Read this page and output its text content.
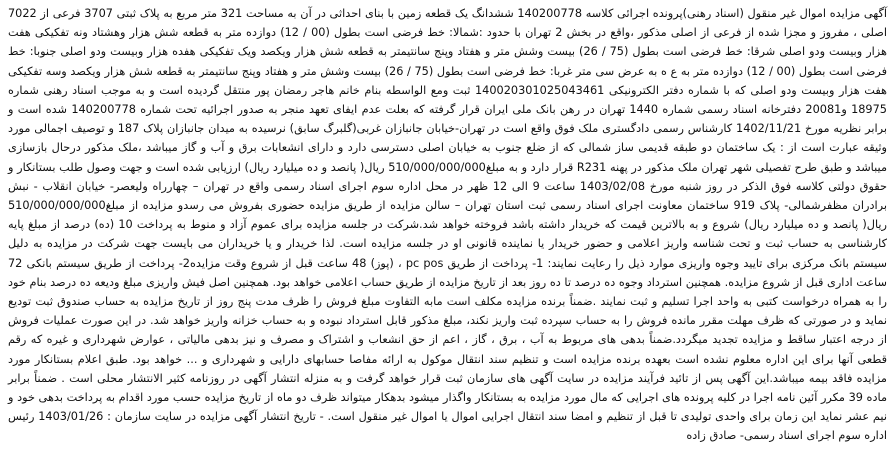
آگهی مزایده اموال غیر منقول (اسناد رهنی)پرونده اجرائی کلاسه 140200778 ششدانگ یک قطعه زمین با بنای احداثی در آن به مساحت 321 متر مربع به پلاک ثبتی 3707 فرعی از 7022 اصلی ، مفروز و مجزا شده از فرعی از اصلی مذکور ،واقع در بخش 2 تهران با حدود :شمالا: خط فرضی است بطول (00 / 12) دوازده متر به قطعه شش هزار وهشتاد ونه تفکیکی هفت هزار وبیست ودو اصلی شرقا: خط فرضی است بطول (75 / 26) بیست وشش متر و هفتاد وپنج سانتیمتر به قطعه شش هزار ویکصد ویک تفکیکی هفده هزار وبیست ودو اصلی جنوبا: خط فرضی است بطول (00 / 12) دوازده متر به ع ه به عرض سی متر غربا: خط فرضی است بطول (75 / 26) بیست وشش متر و هفتاد وپنج سانتیمتر به قطعه شش هزار ویکصد وسه تفکیکی هفت هزار وبیست ودو اصلی که با شماره دفتر الکترونیکی 140020301025043461 ثبت ومع الواسطه بنام خانم هاجر رمضان پور منتقل گردیده است و به موجب اسناد رهنی شماره 18975 و20081 دفترخانه اسناد رسمی شماره 1440 تهران در رهن بانک ملی ایران قرار گرفته که بعلت عدم ایفای تعهد منجر به صدور اجرائیه تحت شماره 140200778 شده است و برابر نظریه مورخ 1402/11/21 کارشناس رسمی دادگستری ملک فوق واقع است در تهران-خیابان جانبازان غربی(گلبرگ سابق) نرسیده به میدان جانبازان پلاک 187 و توصیف اجمالی مورد وثیقه عبارت است از : یک ساختمان دو طبقه قدیمی ساز شمالی که از ضلع جنوب به خیابان اصلی دسترسی دارد و دارای انشعابات برق و آب و گاز میباشد ،ملک مذکور درحال بازسازی میباشد و طبق طرح تفصیلی شهر تهران ملک مذکور در پهنه R231 قرار دارد و به مبلغ510/000/000/000 ریال( پانصد و ده میلیارد ریال) ارزیابی شده است و جهت وصول طلب بستانکار و حقوق دولتی کلاسه فوق الذکر در روز شنبه مورخ 1403/02/08 ساعت 9 الی 12 ظهر در محل اداره سوم اجرای اسناد رسمی واقع در تهران – چهارراه ولیعصر- خیابان انقلاب - نبش برادران مظفرشمالی- پلاک 919 ساختمان معاونت اجرای اسناد رسمی ثبت استان تهران – سالن مزایده از طریق مزایده حضوری بفروش می رسدو مزایده از مبلغ510/000/000/000 ریال( پانصد و ده میلیارد ریال) شروع و به بالاترین قیمت که خریدار داشته باشد فروخته خواهد شد.شرکت در جلسه مزایده برای عموم آزاد و منوط به پرداخت 10 (ده) درصد از مبلغ پایه کارشناسی به حساب ثبت و تحت شناسه واریز اعلامی و حضور خریدار یا نماینده قانونی او در جلسه مزایده است. لذا خریدار و یا خریداران می بایست جهت شرکت در مزایده به دلیل سیستم بانک مرکزی برای تایید وجوه واریزی موارد ذیل را رعایت نمایند: 1- پرداخت از طریق pc pos ، (پوز) 48 ساعت قبل از شروع وقت مزایده2- پرداخت از طریق سیستم بانکی 72 ساعت اداری قبل از شروع مزایده. همچنین استرداد وجوه ده درصد تا ده روز بعد از تاریخ مزایده از طریق حساب اعلامی خواهد بود. همچنین اصل فیش واریزی مبلغ ودیعه ده درصد بنام خود را به همراه درخواست کتبی به واحد اجرا تسلیم و ثبت نمایند .ضمناً برنده مزایده مکلف است مابه التفاوت مبلغ فروش را ظرف مدت پنج روز از تاریخ مزایده به حساب صندوق ثبت تودیع نماید و در صورتی که ظرف مهلت مقرر مانده فروش را به حساب سپرده ثبت واریز نکند، مبلغ مذکور قابل استرداد نبوده و به حساب خزانه واریز خواهد شد. در این صورت عملیات فروش از درجه اعتبار ساقط و مزایده تجدید میگردد.ضمناً بدهی های مربوط به آب ، برق ، گاز ، اعم از حق انشعاب و اشتراک و مصرف و نیز بدهی مالیاتی ، عوارض شهرداری و غیره که رقم قطعی آنها برای این اداره معلوم نشده است بعهده برنده مزایده است و تنظیم سند انتقال موکول به ارائه مفاصا حسابهای دارایی و شهرداری و ... خواهد بود. طبق اعلام بستانکار مورد مزایده فاقد بیمه میباشد.این آگهی پس از تائید فرآیند مزایده در سایت آگهی های سازمان ثبت قرار خواهد گرفت و به منزله انتشار آگهی در روزنامه کثیر الانتشار محلی است . ضمناً برابر ماده 39 مکرر آئین نامه اجرا در کلیه پرونده های اجرایی که مال مورد مزایده به بستانکار واگذار میشود بدهکار میتواند ظرف دو ماه از تاریخ مزایده حسب مورد اقدام به پرداخت بدهی خود و نیم عشر نماید این زمان برای واحدی تولیدی تا قبل از تنظیم و امضا سند انتقال اجرایی اموال یا اموال غیر منقول است. - تاریخ انتشار آگهی مزایده در سایت سازمان : 1403/01/26 رئیس اداره سوم اجرای اسناد رسمی- صادق زاده
